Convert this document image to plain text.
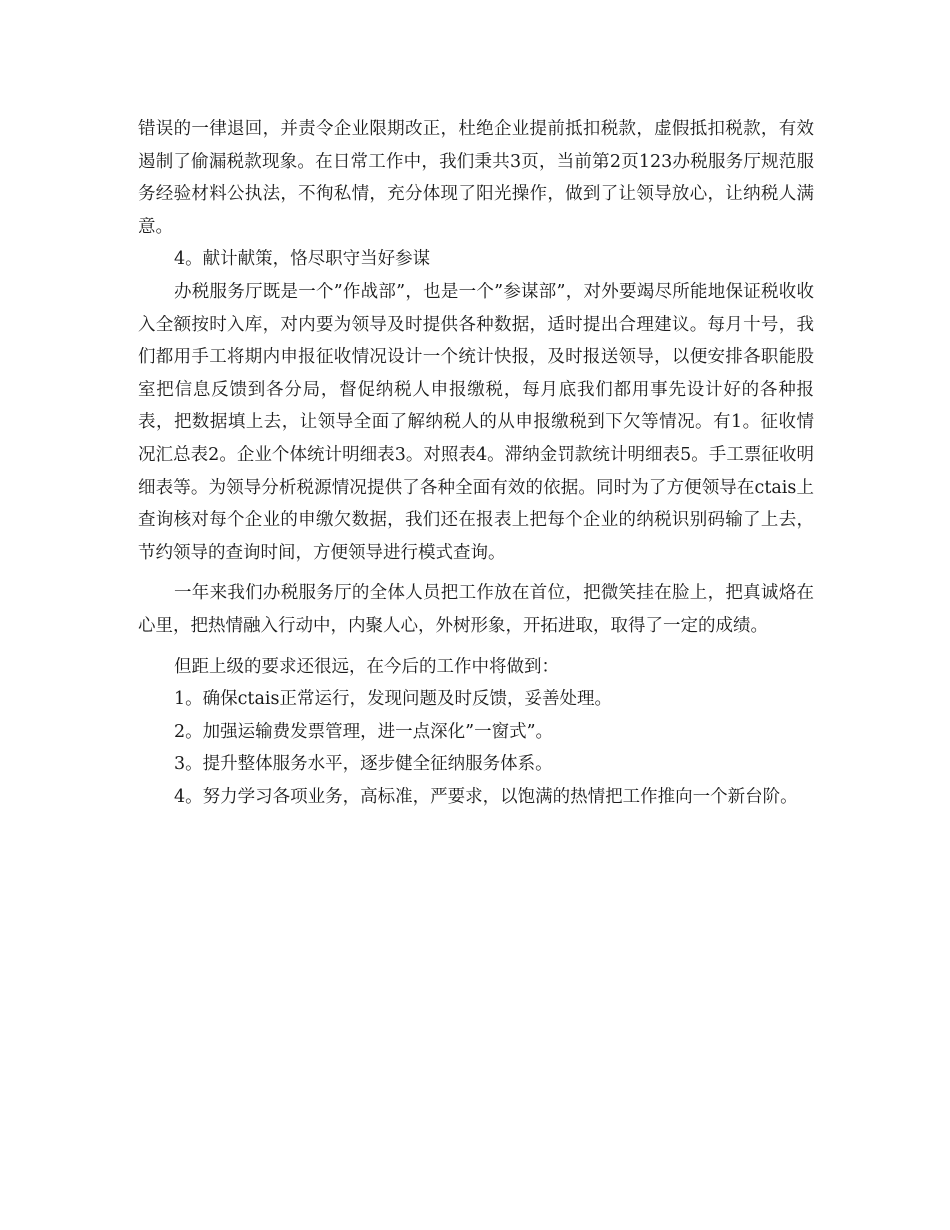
错误的一律退回，并责令企业限期改正，杜绝企业提前抵扣税款，虚假抵扣税款，有效遏制了偷漏税款现象。在日常工作中，我们秉共3页，当前第2页123办税服务厅规范服务经验材料公执法，不徇私情，充分体现了阳光操作，做到了让领导放心，让纳税人满意。

4。献计献策，恪尽职守当好参谋

办税服务厅既是一个”作战部”，也是一个”参谋部”，对外要竭尽所能地保证税收收入全额按时入库，对内要为领导及时提供各种数据，适时提出合理建议。每月十号，我们都用手工将期内申报征收情况设计一个统计快报，及时报送领导，以便安排各职能股室把信息反馈到各分局，督促纳税人申报缴税，每月底我们都用事先设计好的各种报表，把数据填上去，让领导全面了解纳税人的从申报缴税到下欠等情况。有1。征收情况汇总表2。企业个体统计明细表3。对照表4。滞纳金罚款统计明细表5。手工票征收明细表等。为领导分析税源情况提供了各种全面有效的依据。同时为了方便领导在ctais上查询核对每个企业的申缴欠数据，我们还在报表上把每个企业的纳税识别码输了上去，节约领导的查询时间，方便领导进行模式查询。

一年来我们办税服务厅的全体人员把工作放在首位，把微笑挂在脸上，把真诚烙在心里，把热情融入行动中，内聚人心，外树形象，开拓进取，取得了一定的成绩。

但距上级的要求还很远，在今后的工作中将做到：

1。确保ctais正常运行，发现问题及时反馈，妥善处理。

2。加强运输费发票管理，进一点深化”一窗式”。

3。提升整体服务水平，逐步健全征纳服务体系。

4。努力学习各项业务，高标准，严要求，以饱满的热情把工作推向一个新台阶。
